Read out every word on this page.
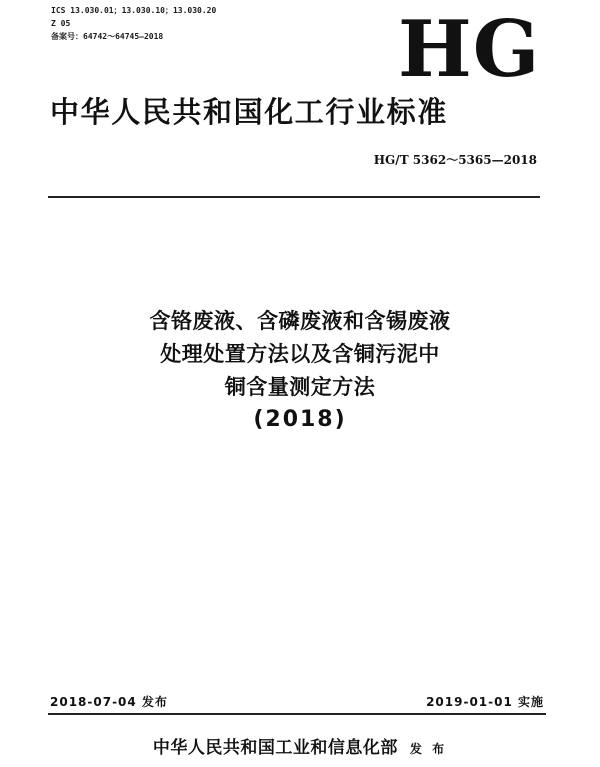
ICS 13.030.01；13.030.10；13.030.20
Z 05
备案号：64742～64745—2018	HG
中华人民共和国化工行业标准
HG/T 5362～5365—2018
含铬废液、含磷废液和含锡废液
处理处置方法以及含铜污泥中
铜含量测定方法
(2018)
2018-07-04 发布	2019-01-01 实施
中华人民共和国工业和信息化部 发 布
